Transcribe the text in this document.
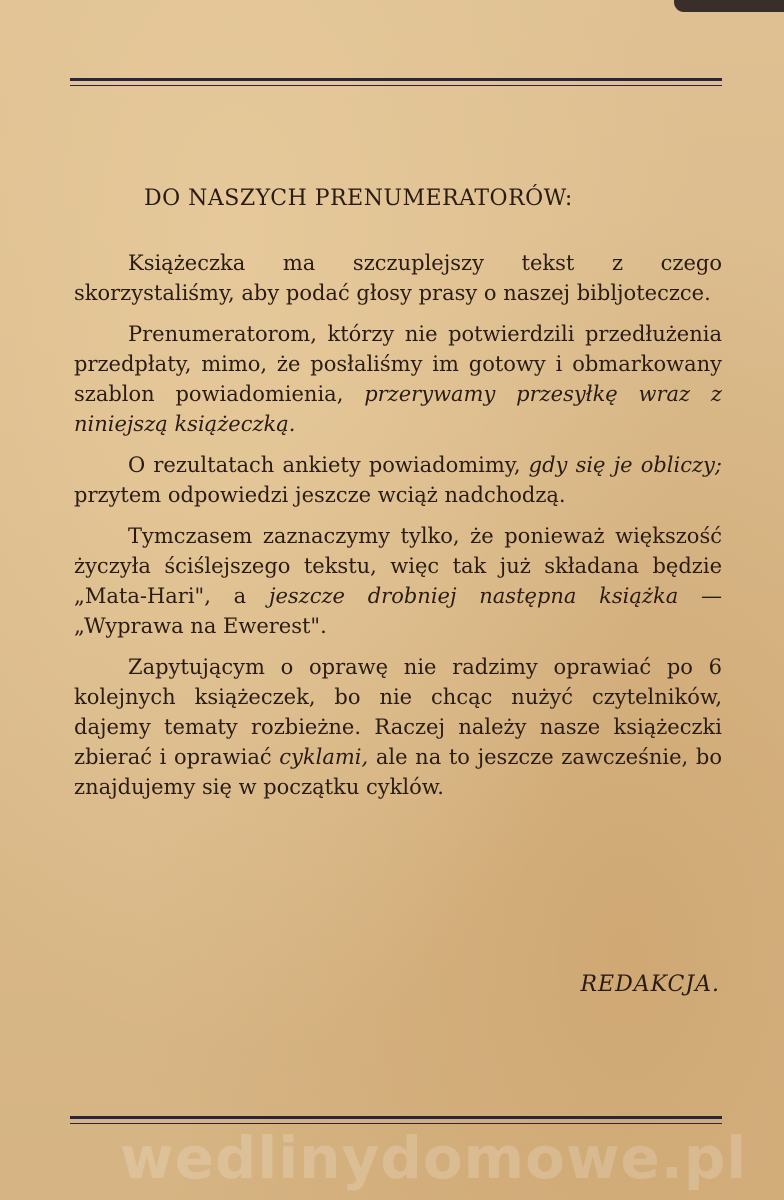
DO NASZYCH PRENUMERATORÓW:

Książeczka ma szczuplejszy tekst z czego skorzystaliśmy, aby podać głosy prasy o naszej bibljoteczce.

Prenumeratorom, którzy nie potwierdzili przedłużenia przedpłaty, mimo, że posłaliśmy im gotowy i obmarkowany szablon powiadomienia, przerywamy przesyłkę wraz z niniejszą książeczką.

O rezultatach ankiety powiadomimy, gdy się je obliczy; przytem odpowiedzi jeszcze wciąż nadchodzą.

Tymczasem zaznaczymy tylko, że ponieważ większość życzyła ściślejszego tekstu, więc tak już składana będzie „Mata-Hari", a jeszcze drobniej następna książka — „Wyprawa na Ewerest".

Zapytującym o oprawę nie radzimy oprawiać po 6 kolejnych książeczek, bo nie chcąc nużyć czytelników, dajemy tematy rozbieżne. Raczej należy nasze książeczki zbierać i oprawiać cyklami, ale na to jeszcze zawcześnie, bo znajdujemy się w początku cyklów.

REDAKCJA.
wedlinydomowe.pl
